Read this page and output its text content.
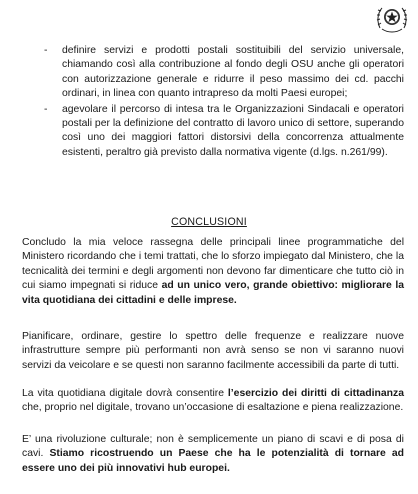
- definire servizi e prodotti postali sostituibili del servizio universale, chiamando così alla contribuzione al fondo degli OSU anche gli operatori con autorizzazione generale e ridurre il peso massimo dei cd. pacchi ordinari, in linea con quanto intrapreso da molti Paesi europei;
- agevolare il percorso di intesa tra le Organizzazioni Sindacali e operatori postali per la definizione del contratto di lavoro unico di settore, superando così uno dei maggiori fattori distorsivi della concorrenza attualmente esistenti, peraltro già previsto dalla normativa vigente (d.lgs. n.261/99).
CONCLUSIONI

Concludo la mia veloce rassegna delle principali linee programmatiche del Ministero ricordando che i temi trattati, che lo sforzo impiegato dal Ministero, che la tecnicalità dei termini e degli argomenti non devono far dimenticare che tutto ciò in cui siamo impegnati si riduce ad un unico vero, grande obiettivo: migliorare la vita quotidiana dei cittadini e delle imprese.

Pianificare, ordinare, gestire lo spettro delle frequenze e realizzare nuove infrastrutture sempre più performanti non avrà senso se non vi saranno nuovi servizi da veicolare e se questi non saranno facilmente accessibili da parte di tutti.

La vita quotidiana digitale dovrà consentire l’esercizio dei diritti di cittadinanza che, proprio nel digitale, trovano un’occasione di esaltazione e piena realizzazione.

E’ una rivoluzione culturale; non è semplicemente un piano di scavi e di posa di cavi. Stiamo ricostruendo un Paese che ha le potenzialità di tornare ad essere uno dei più innovativi hub europei.
